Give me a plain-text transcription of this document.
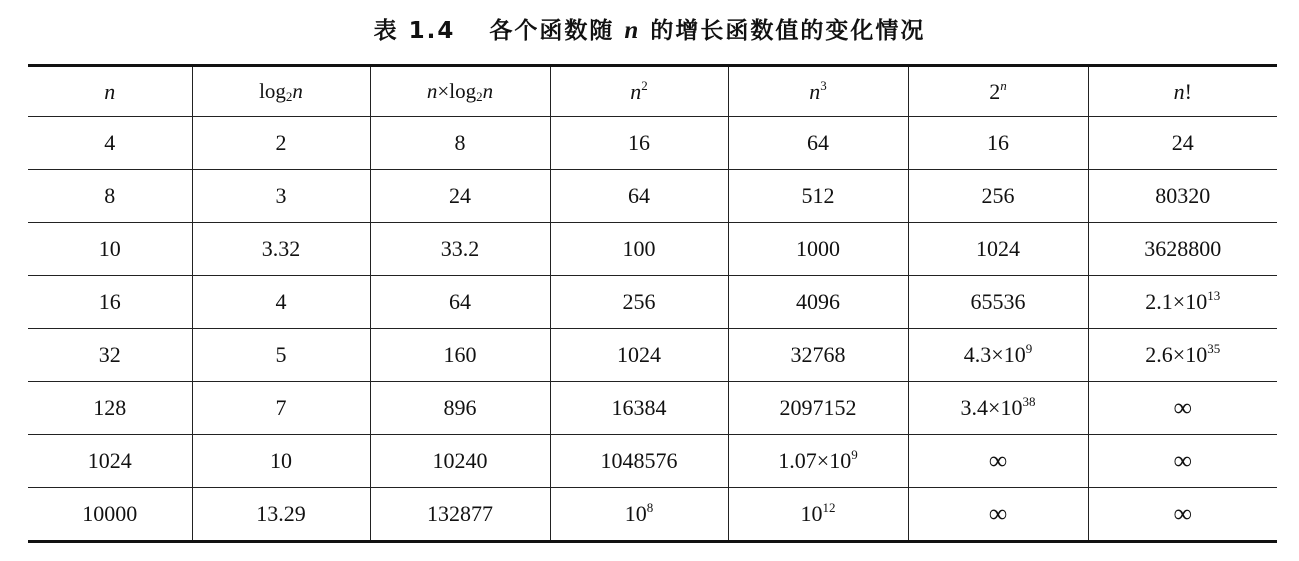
表 1.4 各个函数随 n 的增长函数值的变化情况
n	$\log_2n$	$n\times\log_2n$	$n^2$	$n^3$	2$^n$	n!
4	2	8	16	64	16	24
8	3	24	64	512	256	80320
10	3.32	33.2	100	1000	1024	3628800
16	4	64	256	4096	65536	$2.1\times 10^{13}$
32	5	160	1024	32768	$4.3\times 10^9$	$2.6\times 10^{35}$
128	7	896	16384	2097152	$3.4\times 10^{38}$	∞
1024	10	10240	1048576	$1.07\times 10^9$	∞	∞
10000	13.29	132877	$10^8$	$10^{12}$	∞	∞
